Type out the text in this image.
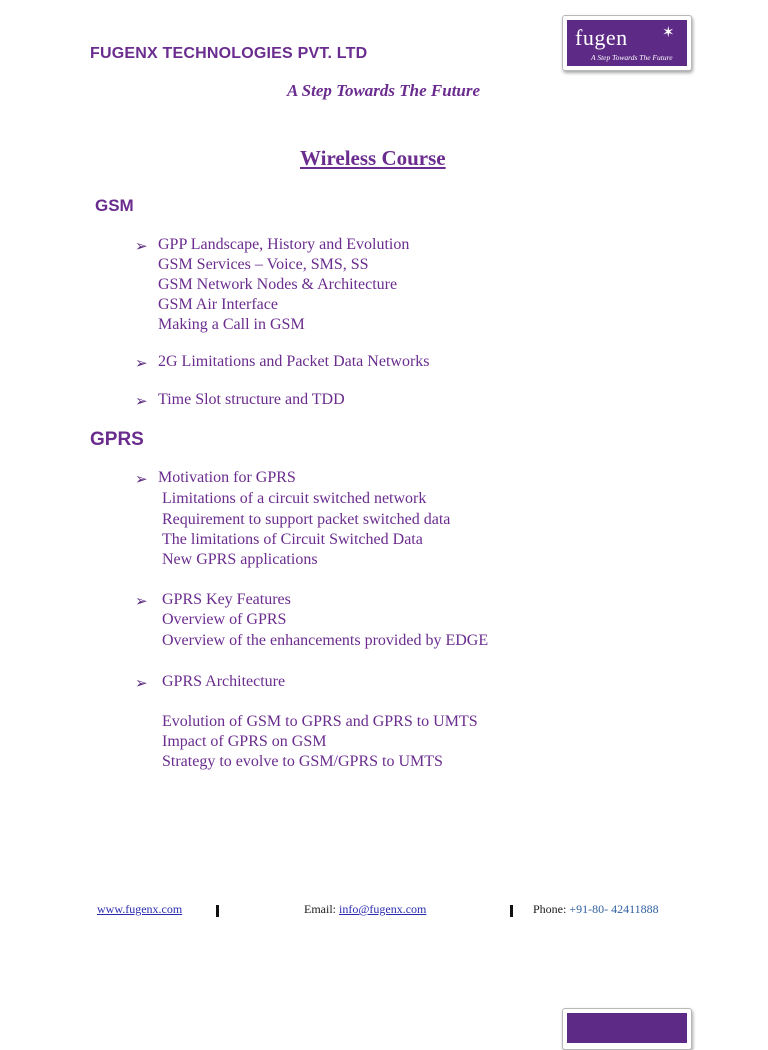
FUGENX TECHNOLOGIES PVT. LTD
A Step Towards The Future
fugen ✶
A Step Towards The Future
Wireless Course
GSM
➢ GPP Landscape, History and Evolution
GSM Services – Voice, SMS, SS
GSM Network Nodes & Architecture
GSM Air Interface
Making a Call in GSM
➢ 2G Limitations and Packet Data Networks
➢ Time Slot structure and TDD
GPRS
➢ Motivation for GPRS
Limitations of a circuit switched network
Requirement to support packet switched data
The limitations of Circuit Switched Data
New GPRS applications
➢ GPRS Key Features
Overview of GPRS
Overview of the enhancements provided by EDGE
➢ GPRS Architecture
Evolution of GSM to GPRS and GPRS to UMTS
Impact of GPRS on GSM
Strategy to evolve to GSM/GPRS to UMTS
www.fugenx.com	Email: info@fugenx.com	Phone: +91-80- 42411888
